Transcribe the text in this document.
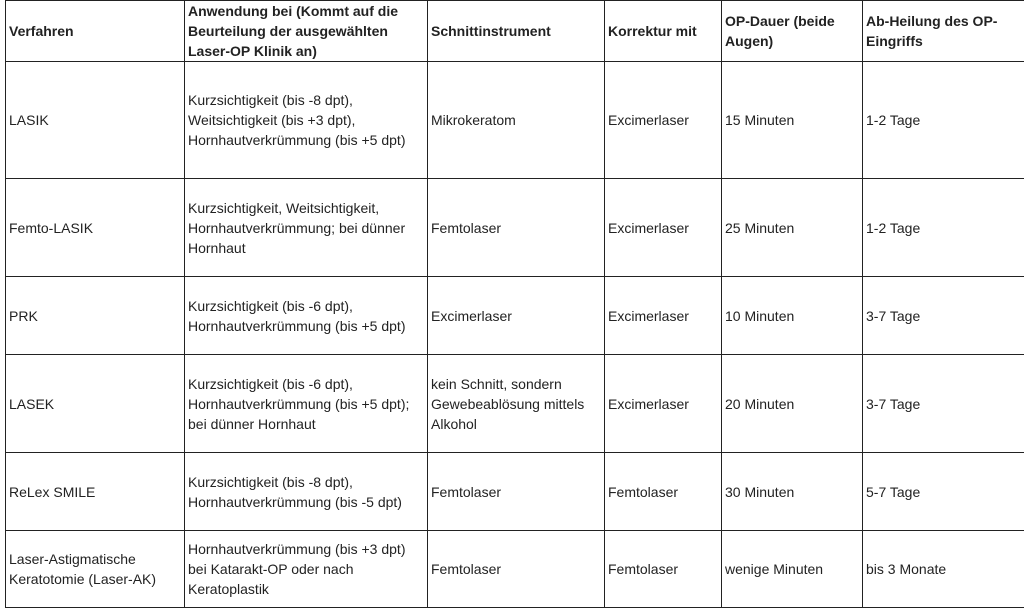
Verfahren	Anwendung bei (Kommt auf die
Beurteilung der ausgewählten
Laser-OP Klinik an)	Schnittinstrument	Korrektur mit	OP-Dauer (beide
Augen)	Ab-Heilung des OP-
Eingriffs
LASIK	Kurzsichtigkeit (bis -8 dpt),
Weitsichtigkeit (bis +3 dpt),
Hornhautverkrümmung (bis +5 dpt)	Mikrokeratom	Excimerlaser	15 Minuten	1-2 Tage
Femto-LASIK	Kurzsichtigkeit, Weitsichtigkeit,
Hornhautverkrümmung; bei dünner
Hornhaut	Femtolaser	Excimerlaser	25 Minuten	1-2 Tage
PRK	Kurzsichtigkeit (bis -6 dpt),
Hornhautverkrümmung (bis +5 dpt)	Excimerlaser	Excimerlaser	10 Minuten	3-7 Tage
LASEK	Kurzsichtigkeit (bis -6 dpt),
Hornhautverkrümmung (bis +5 dpt);
bei dünner Hornhaut	kein Schnitt, sondern
Gewebeablösung mittels
Alkohol	Excimerlaser	20 Minuten	3-7 Tage
ReLex SMILE	Kurzsichtigkeit (bis -8 dpt),
Hornhautverkrümmung (bis -5 dpt)	Femtolaser	Femtolaser	30 Minuten	5-7 Tage
Laser-Astigmatische
Keratotomie (Laser-AK)	Hornhautverkrümmung (bis +3 dpt)
bei Katarakt-OP oder nach
Keratoplastik	Femtolaser	Femtolaser	wenige Minuten	bis 3 Monate
